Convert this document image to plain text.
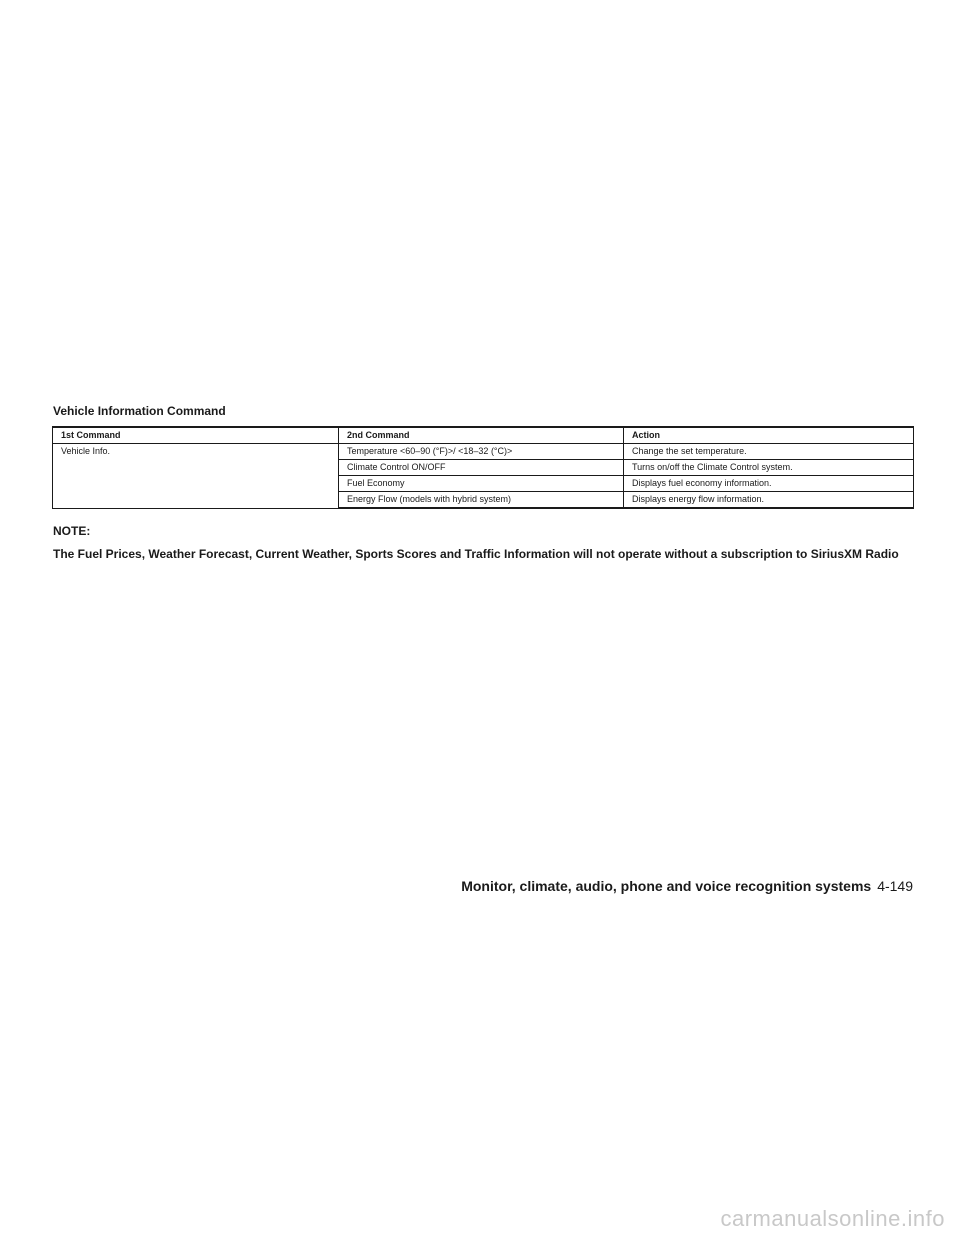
Vehicle Information Command
1st Command	2nd Command	Action
Vehicle Info.	Temperature <60–90 (°F)>/ <18–32 (°C)>	Change the set temperature.
	Climate Control ON/OFF	Turns on/off the Climate Control system.
	Fuel Economy	Displays fuel economy information.
	Energy Flow (models with hybrid system)	Displays energy flow information.

NOTE:

The Fuel Prices, Weather Forecast, Current Weather, Sports Scores and Traffic Information will not operate without a subscription to SiriusXM Radio

Monitor, climate, audio, phone and voice recognition systems 4-149
carmanualsonline.info
